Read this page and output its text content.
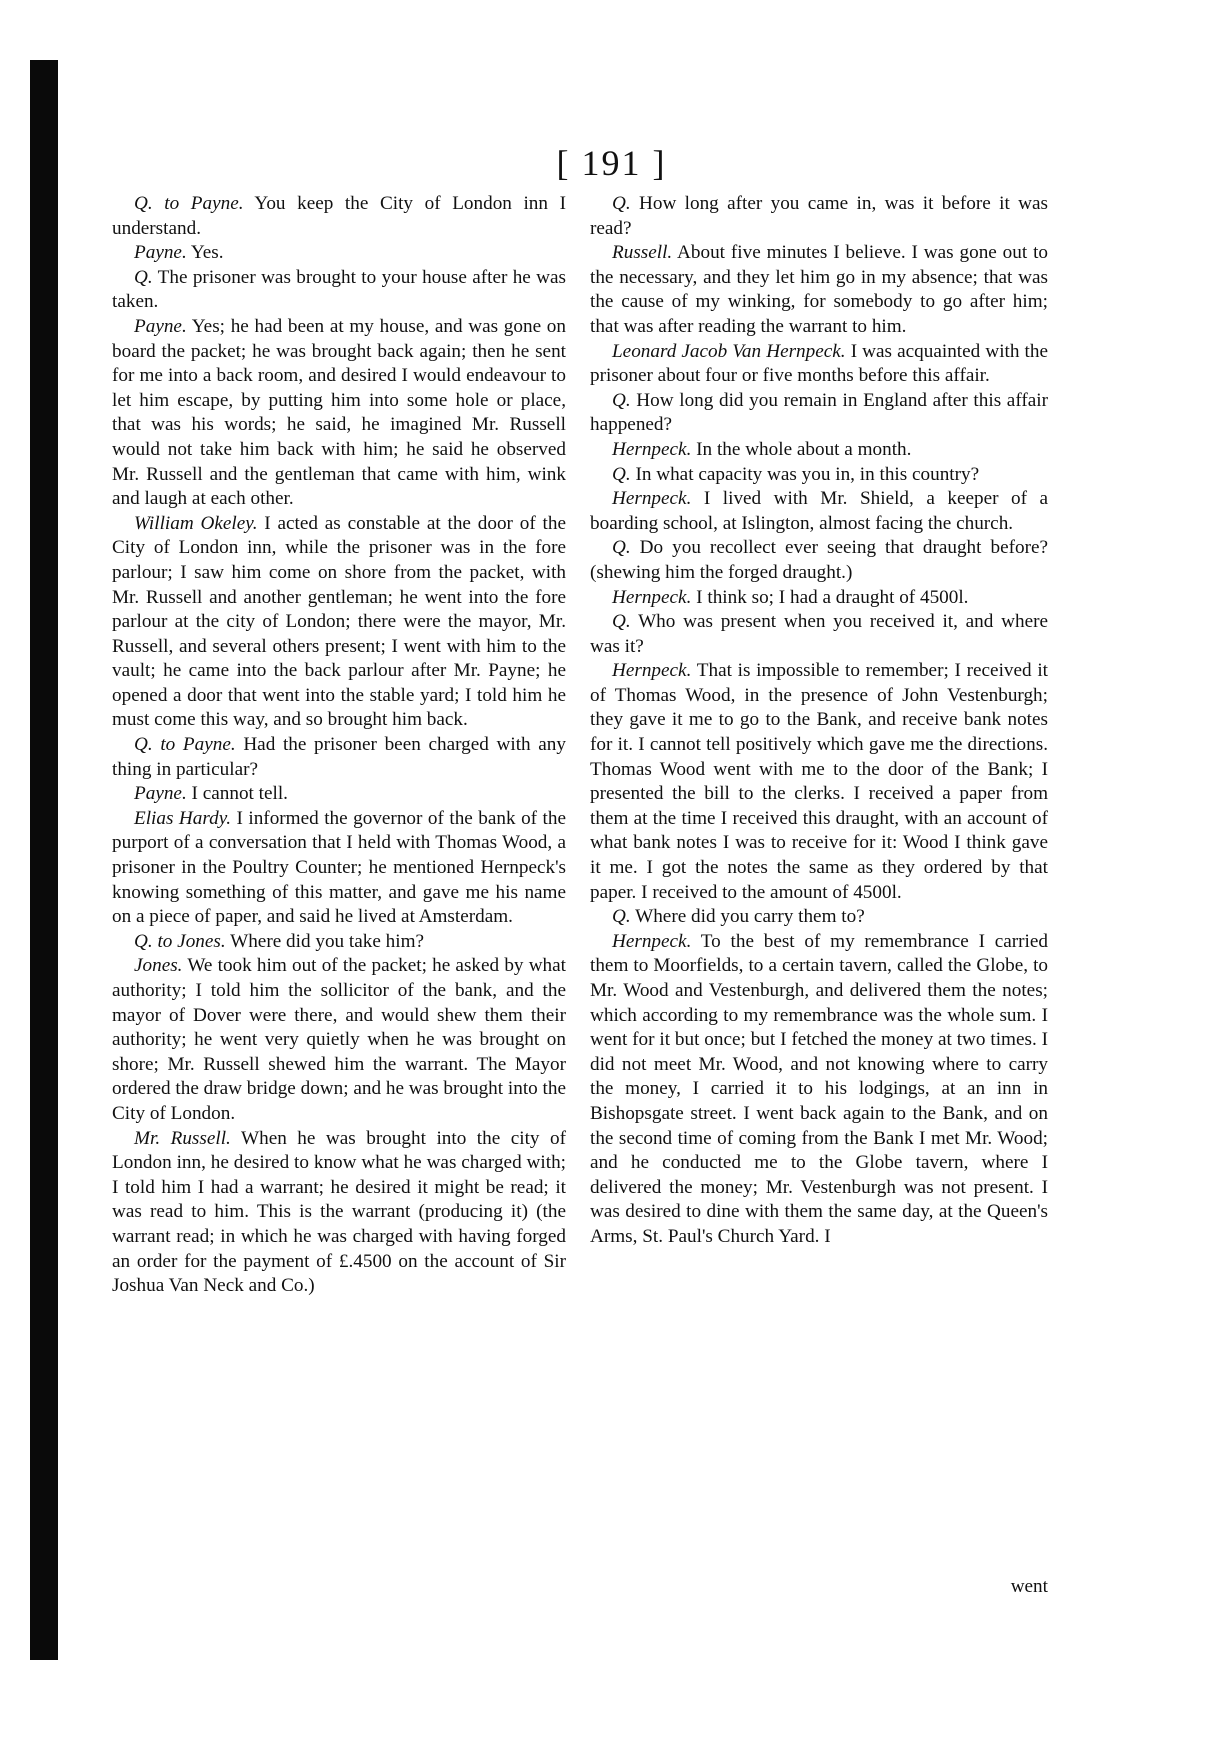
[ 191 ]

Q. to Payne. You keep the City of London inn I understand.

Payne. Yes.

Q. The prisoner was brought to your house after he was taken.

Payne. Yes; he had been at my house, and was gone on board the packet; he was brought back again; then he sent for me into a back room, and desired I would endeavour to let him escape, by putting him into some hole or place, that was his words; he said, he imagined Mr. Russell would not take him back with him; he said he observed Mr. Russell and the gentleman that came with him, wink and laugh at each other.

William Okeley. I acted as constable at the door of the City of London inn, while the prisoner was in the fore parlour; I saw him come on shore from the packet, with Mr. Russell and another gentleman; he went into the fore parlour at the city of London; there were the mayor, Mr. Russell, and several others present; I went with him to the vault; he came into the back parlour after Mr. Payne; he opened a door that went into the stable yard; I told him he must come this way, and so brought him back.

Q. to Payne. Had the prisoner been charged with any thing in particular?

Payne. I cannot tell.

Elias Hardy. I informed the governor of the bank of the purport of a conversation that I held with Thomas Wood, a prisoner in the Poultry Counter; he mentioned Hernpeck's knowing something of this matter, and gave me his name on a piece of paper, and said he lived at Amsterdam.

Q. to Jones. Where did you take him?

Jones. We took him out of the packet; he asked by what authority; I told him the sollicitor of the bank, and the mayor of Dover were there, and would shew them their authority; he went very quietly when he was brought on shore; Mr. Russell shewed him the warrant. The Mayor ordered the draw bridge down; and he was brought into the City of London.

Mr. Russell. When he was brought into the city of London inn, he desired to know what he was charged with; I told him I had a warrant; he desired it might be read; it was read to him. This is the warrant (producing it) (the warrant read; in which he was charged with having forged an order for the payment of £.4500 on the account of Sir Joshua Van Neck and Co.)

Q. How long after you came in, was it before it was read?

Russell. About five minutes I believe. I was gone out to the necessary, and they let him go in my absence; that was the cause of my winking, for somebody to go after him; that was after reading the warrant to him.

Leonard Jacob Van Hernpeck. I was acquainted with the prisoner about four or five months before this affair.

Q. How long did you remain in England after this affair happened?

Hernpeck. In the whole about a month.

Q. In what capacity was you in, in this country?

Hernpeck. I lived with Mr. Shield, a keeper of a boarding school, at Islington, almost facing the church.

Q. Do you recollect ever seeing that draught before? (shewing him the forged draught.)

Hernpeck. I think so; I had a draught of 4500l.

Q. Who was present when you received it, and where was it?

Hernpeck. That is impossible to remember; I received it of Thomas Wood, in the presence of John Vestenburgh; they gave it me to go to the Bank, and receive bank notes for it. I cannot tell positively which gave me the directions. Thomas Wood went with me to the door of the Bank; I presented the bill to the clerks. I received a paper from them at the time I received this draught, with an account of what bank notes I was to receive for it: Wood I think gave it me. I got the notes the same as they ordered by that paper. I received to the amount of 4500l.

Q. Where did you carry them to?

Hernpeck. To the best of my remembrance I carried them to Moorfields, to a certain tavern, called the Globe, to Mr. Wood and Vestenburgh, and delivered them the notes; which according to my remembrance was the whole sum. I went for it but once; but I fetched the money at two times. I did not meet Mr. Wood, and not knowing where to carry the money, I carried it to his lodgings, at an inn in Bishopsgate street. I went back again to the Bank, and on the second time of coming from the Bank I met Mr. Wood; and he conducted me to the Globe tavern, where I delivered the money; Mr. Vestenburgh was not present. I was desired to dine with them the same day, at the Queen's Arms, St. Paul's Church Yard. I

went
